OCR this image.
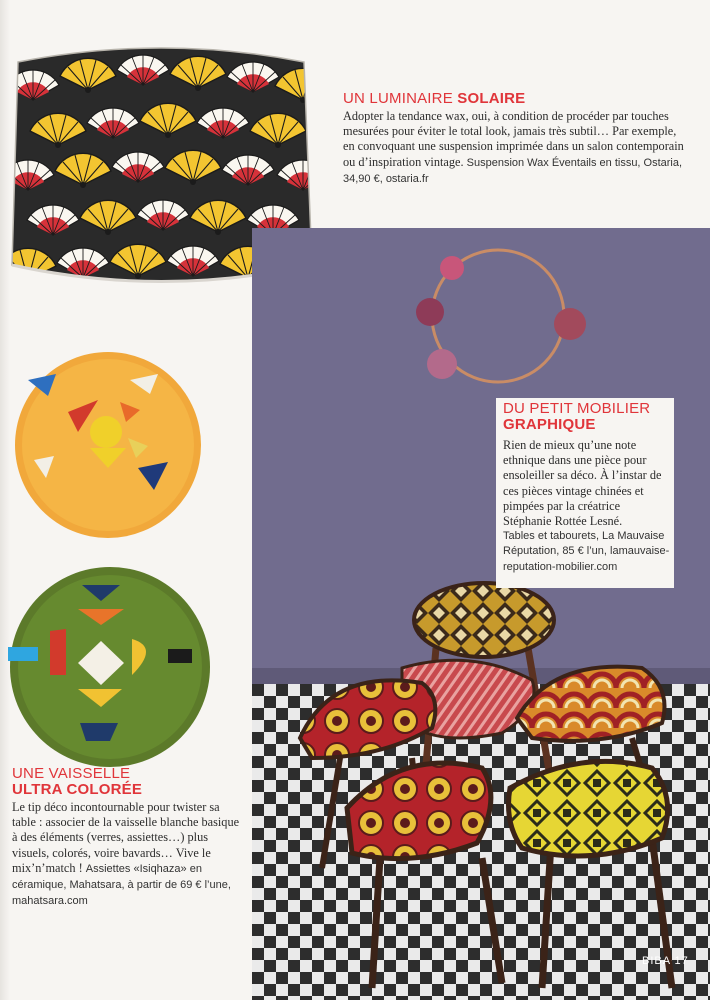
UN LUMINAIRE SOLAIRE
Adopter la tendance wax, oui, à condition de procéder par touches mesurées pour éviter le total look, jamais très subtil… Par exemple, en convoquant une suspension imprimée dans un salon contemporain ou d’inspiration vintage. Suspension Wax Éventails en tissu, Ostaria, 34,90 €, ostaria.fr
DU PETIT MOBILIER
GRAPHIQUE
Rien de mieux qu’une note ethnique dans une pièce pour ensoleiller sa déco. À l’instar de ces pièces vintage chinées et pimpées par la créatrice Stéphanie Rottée Lesné.
Tables et tabourets, La Mauvaise Réputation, 85 € l’un, lamauvaise-reputation-mobilier.com
UNE VAISSELLE
ULTRA COLORÉE
Le tip déco incontournable pour twister sa table : associer de la vaisselle blanche basique à des éléments (verres, assiettes…) plus visuels, colorés, voire bavards… Vive le mix’n’match ! Assiettes «Isiqhaza» en céramique, Mahatsara, à partir de 69 € l’une, mahatsara.com
BIBA 17
